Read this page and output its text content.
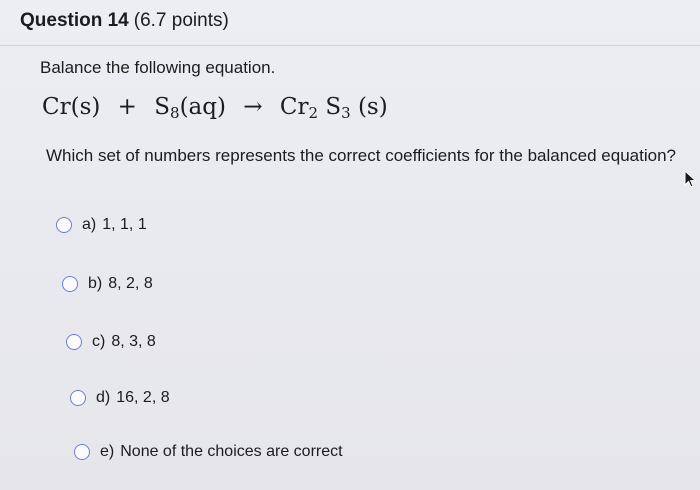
Question 14 (6.7 points)
Balance the following equation.
$Cr(s) + S_8(aq) \to Cr_2$ $S_3$ (s)
Which set of numbers represents the correct coefficients for the balanced equation?
a) 1, 1, 1
b) 8, 2, 8
c) 8, 3, 8
d) 16, 2, 8
e) None of the choices are correct
